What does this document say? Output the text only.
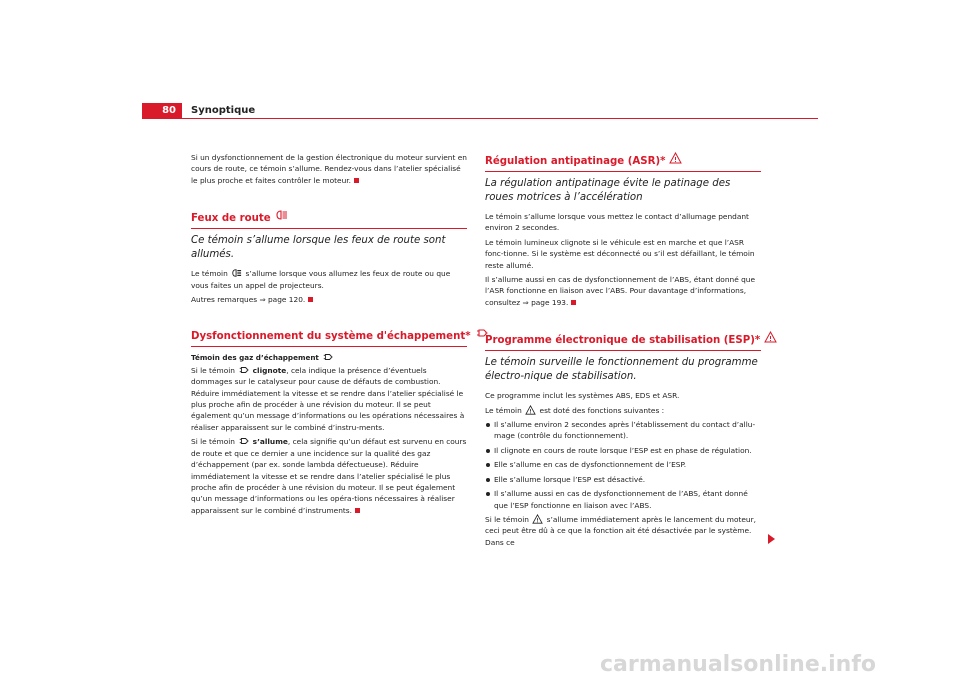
80	Synoptique

Si un dysfonctionnement de la gestion électronique du moteur survient en cours de route, ce témoin s’allume. Rendez-vous dans l’atelier spécialisé le plus proche et faites contrôler le moteur.

Feux de route
Ce témoin s’allume lorsque les feux de route sont allumés.

Le témoin s’allume lorsque vous allumez les feux de route ou que vous faites un appel de projecteurs.

Autres remarques ⇒ page 120.

Dysfonctionnement du système d'échappement*

Témoin des gaz d’échappement

Si le témoin clignote, cela indique la présence d’éventuels dommages sur le catalyseur pour cause de défauts de combustion. Réduire immédiatement la vitesse et se rendre dans l’atelier spécialisé le plus proche afin de procéder à une révision du moteur. Il se peut également qu’un message d’informations ou les opérations nécessaires à réaliser apparaissent sur le combiné d’instru-ments.

Si le témoin s’allume, cela signifie qu’un défaut est survenu en cours de route et que ce dernier a une incidence sur la qualité des gaz d’échappement (par ex. sonde lambda défectueuse). Réduire immédiatement la vitesse et se rendre dans l’atelier spécialisé le plus proche afin de procéder à une révision du moteur. Il se peut également qu’un message d’informations ou les opéra-tions nécessaires à réaliser apparaissent sur le combiné d’instruments.

Régulation antipatinage (ASR)*
La régulation antipatinage évite le patinage des roues motrices à l’accélération

Le témoin s’allume lorsque vous mettez le contact d’allumage pendant environ 2 secondes.

Le témoin lumineux clignote si le véhicule est en marche et que l’ASR fonc-tionne. Si le système est déconnecté ou s’il est défaillant, le témoin reste allumé.

Il s’allume aussi en cas de dysfonctionnement de l’ABS, étant donné que l’ASR fonctionne en liaison avec l’ABS. Pour davantage d’informations, consultez ⇒ page 193.

Programme électronique de stabilisation (ESP)*
Le témoin surveille le fonctionnement du programme électro-nique de stabilisation.

Ce programme inclut les systèmes ABS, EDS et ASR.

Le témoin est doté des fonctions suivantes :

Il s’allume environ 2 secondes après l’établissement du contact d’allu-mage (contrôle du fonctionnement).

Il clignote en cours de route lorsque l’ESP est en phase de régulation.

Elle s’allume en cas de dysfonctionnement de l’ESP.

Elle s’allume lorsque l’ESP est désactivé.

Il s’allume aussi en cas de dysfonctionnement de l’ABS, étant donné que l’ESP fonctionne en liaison avec l’ABS.

Si le témoin s’allume immédiatement après le lancement du moteur, ceci peut être dû à ce que la fonction ait été désactivée par le système. Dans ce

carmanualsonline.info
